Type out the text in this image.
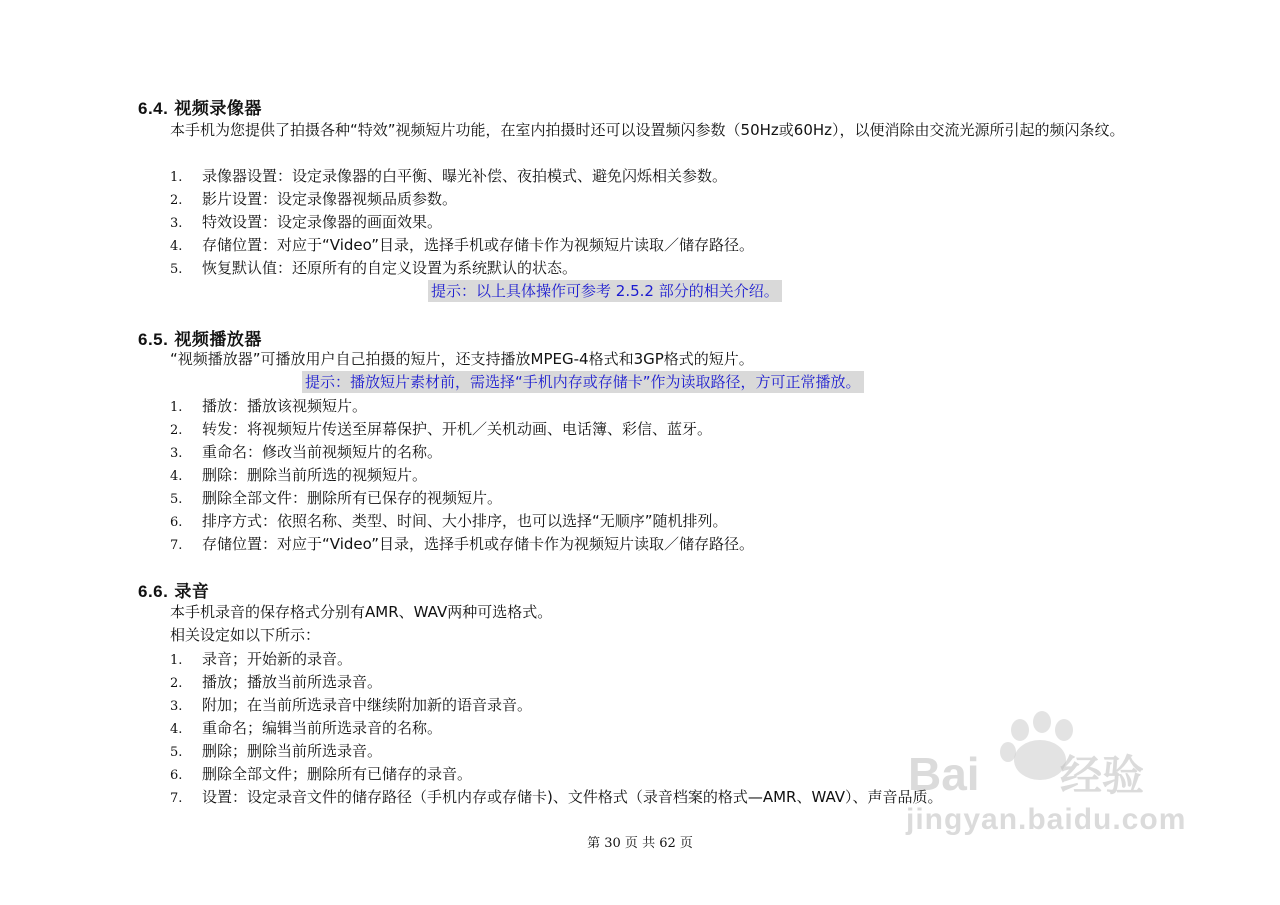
6.4. 视频录像器
本手机为您提供了拍摄各种“特效”视频短片功能，在室内拍摄时还可以设置频闪参数（50Hz或60Hz），以便消除由交流光源所引起的频闪条纹。
1. 录像器设置：设定录像器的白平衡、曝光补偿、夜拍模式、避免闪烁相关参数。
2. 影片设置：设定录像器视频品质参数。
3. 特效设置：设定录像器的画面效果。
4. 存储位置：对应于“Video”目录，选择手机或存储卡作为视频短片读取／储存路径。
5. 恢复默认值：还原所有的自定义设置为系统默认的状态。
提示：以上具体操作可参考 2.5.2 部分的相关介绍。
6.5. 视频播放器
“视频播放器”可播放用户自己拍摄的短片，还支持播放MPEG-4格式和3GP格式的短片。
提示：播放短片素材前，需选择“手机内存或存储卡”作为读取路径，方可正常播放。
1. 播放：播放该视频短片。
2. 转发：将视频短片传送至屏幕保护、开机／关机动画、电话簿、彩信、蓝牙。
3. 重命名：修改当前视频短片的名称。
4. 删除：删除当前所选的视频短片。
5. 删除全部文件：删除所有已保存的视频短片。
6. 排序方式：依照名称、类型、时间、大小排序，也可以选择“无顺序”随机排列。
7. 存储位置：对应于“Video”目录，选择手机或存储卡作为视频短片读取／储存路径。
6.6. 录音
本手机录音的保存格式分别有AMR、WAV两种可选格式。
相关设定如以下所示：
1. 录音；开始新的录音。
2. 播放；播放当前所选录音。
3. 附加；在当前所选录音中继续附加新的语音录音。
4. 重命名；编辑当前所选录音的名称。
5. 删除；删除当前所选录音。
6. 删除全部文件；删除所有已储存的录音。
7. 设置：设定录音文件的储存路径（手机内存或存储卡)、文件格式（录音档案的格式—AMR、WAV）、声音品质。
第 30 页 共 62 页
Bai 经验
jingyan.baidu.com
